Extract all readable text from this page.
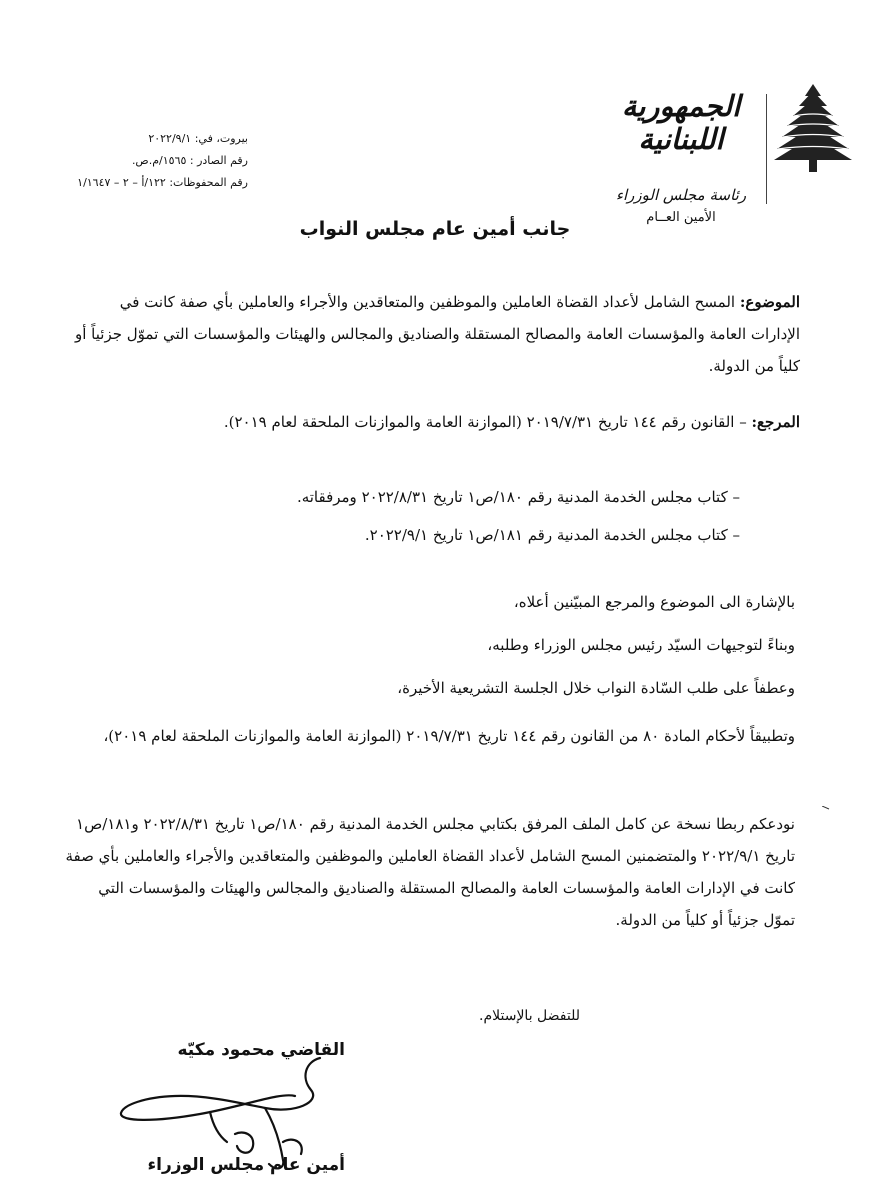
الجمهورية
اللبنانية
رئاسة مجلس الوزراء
الأمين العــام
بيروت، في: ٢٠٢٢/٩/١
رقم الصادر : ١٥٦٥/م.ص.
رقم المحفوظات: ١٢٢/أ – ٢ – ١/١٦٤٧
جانب أمين عام مجلس النواب
الموضوع: المسح الشامل لأعداد القضاة العاملين والموظفين والمتعاقدين والأجراء والعاملين بأي صفة كانت في الإدارات العامة والمؤسسات العامة والمصالح المستقلة والصناديق والمجالس والهيئات والمؤسسات التي تموّل جزئياً أو كلياً من الدولة.
المرجع: – القانون رقم ١٤٤ تاريخ ٢٠١٩/٧/٣١ (الموازنة العامة والموازنات الملحقة لعام ٢٠١٩).
– كتاب مجلس الخدمة المدنية رقم ١٨٠/ص١ تاريخ ٢٠٢٢/٨/٣١ ومرفقاته.
– كتاب مجلس الخدمة المدنية رقم ١٨١/ص١ تاريخ ٢٠٢٢/٩/١.
بالإشارة الى الموضوع والمرجع المبيّنين أعلاه،
وبناءً لتوجيهات السيّد رئيس مجلس الوزراء وطلبه،
وعطفاً على طلب السّادة النواب خلال الجلسة التشريعية الأخيرة،
وتطبيقاً لأحكام المادة ٨٠ من القانون رقم ١٤٤ تاريخ ٢٠١٩/٧/٣١ (الموازنة العامة والموازنات الملحقة لعام ٢٠١٩)،
نودعكم ربطا نسخة عن كامل الملف المرفق بكتابي مجلس الخدمة المدنية رقم ١٨٠/ص١ تاريخ ٢٠٢٢/٨/٣١ و١٨١/ص١ تاريخ ٢٠٢٢/٩/١ والمتضمنين المسح الشامل لأعداد القضاة العاملين والموظفين والمتعاقدين والأجراء والعاملين بأي صفة كانت في الإدارات العامة والمؤسسات العامة والمصالح المستقلة والصناديق والمجالس والهيئات والمؤسسات التي تموّل جزئياً أو كلياً من الدولة.
للتفضل بالإستلام.
القاضي محمود مكيّه
أمين عام مجلس الوزراء
